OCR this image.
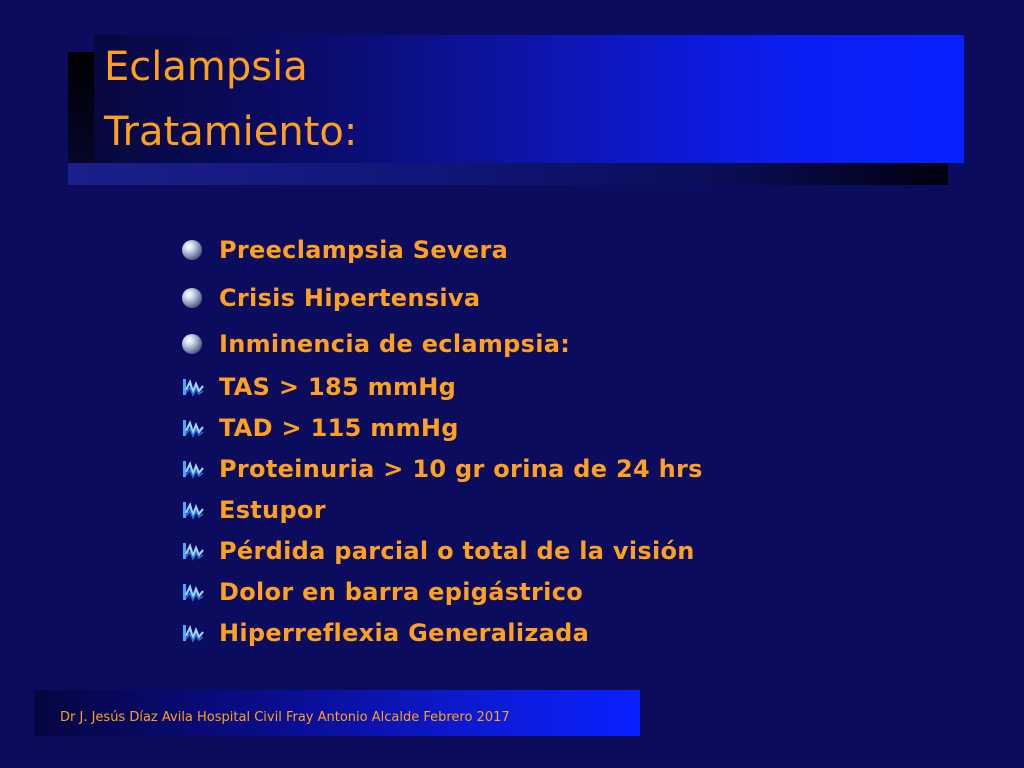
Eclampsia
Tratamiento:
Preeclampsia Severa
Crisis Hipertensiva
Inminencia de eclampsia:
TAS > 185 mmHg
TAD > 115 mmHg
Proteinuria > 10 gr orina de 24 hrs
Estupor
Pérdida parcial o total de la visión
Dolor en barra epigástrico
Hiperreflexia Generalizada
Dr J. Jesús Díaz Avila Hospital Civil Fray Antonio Alcalde Febrero 2017
